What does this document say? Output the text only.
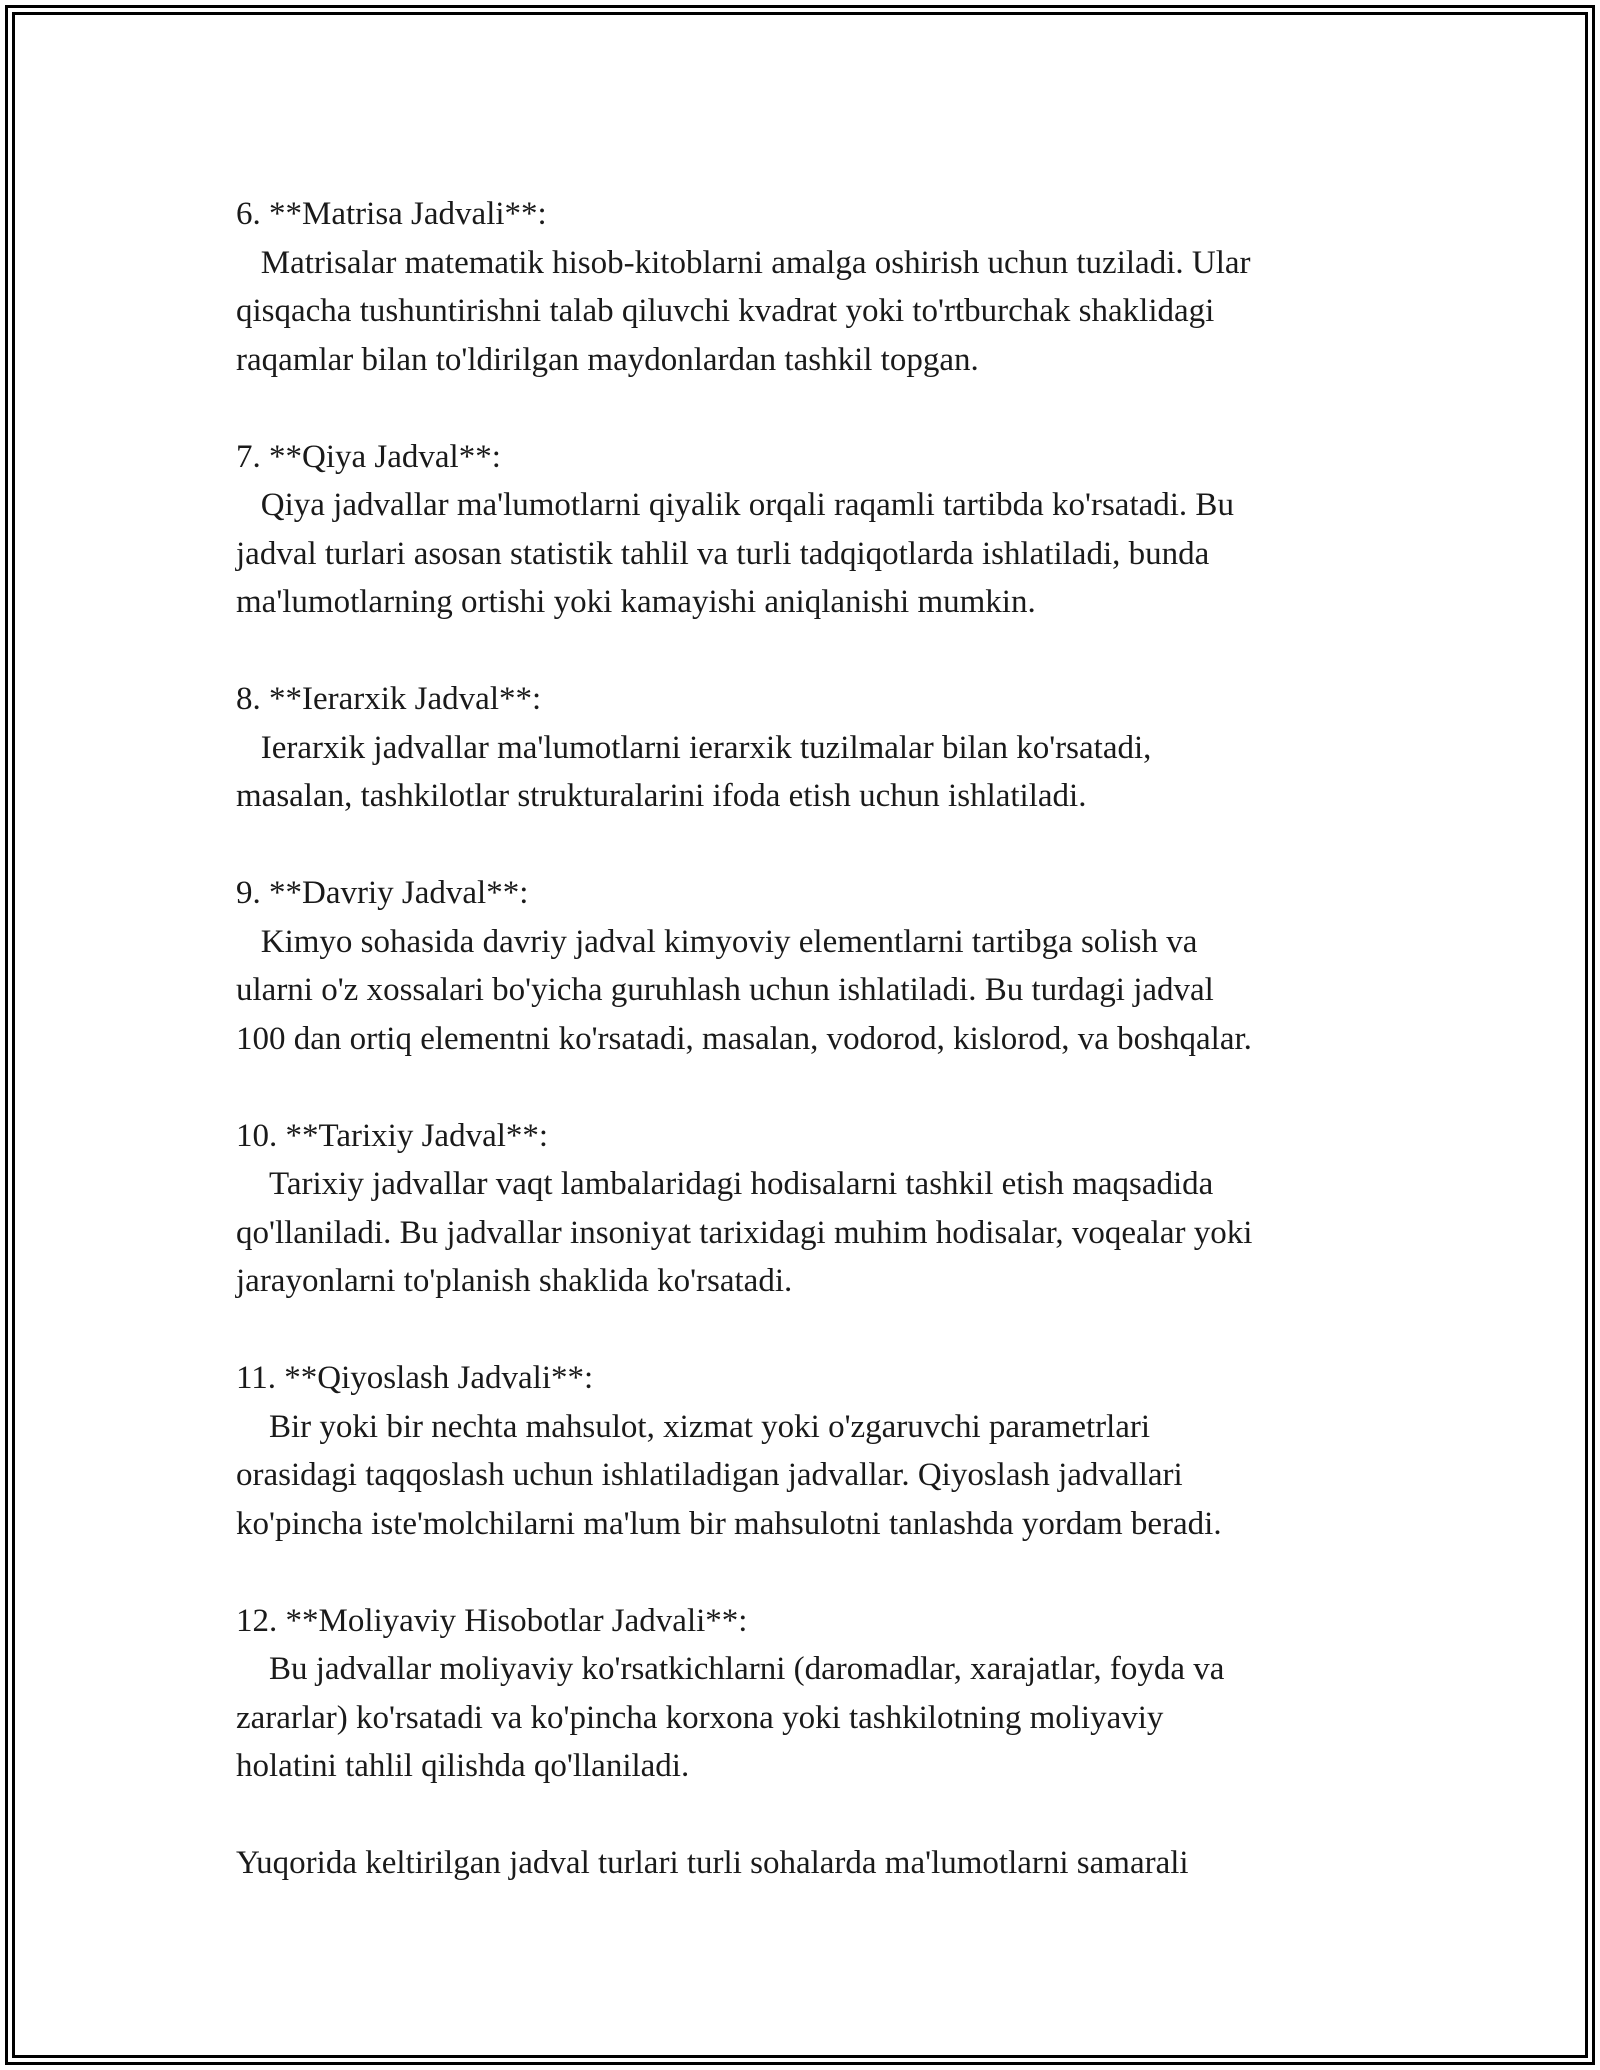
6. **Matrisa Jadvali**:

Matrisalar matematik hisob-kitoblarni amalga oshirish uchun tuziladi. Ular
qisqacha tushuntirishni talab qiluvchi kvadrat yoki to'rtburchak shaklidagi
raqamlar bilan to'ldirilgan maydonlardan tashkil topgan.

7. **Qiya Jadval**:

Qiya jadvallar ma'lumotlarni qiyalik orqali raqamli tartibda ko'rsatadi. Bu
jadval turlari asosan statistik tahlil va turli tadqiqotlarda ishlatiladi, bunda
ma'lumotlarning ortishi yoki kamayishi aniqlanishi mumkin.

8. **Ierarxik Jadval**:

Ierarxik jadvallar ma'lumotlarni ierarxik tuzilmalar bilan ko'rsatadi,
masalan, tashkilotlar strukturalarini ifoda etish uchun ishlatiladi.

9. **Davriy Jadval**:

Kimyo sohasida davriy jadval kimyoviy elementlarni tartibga solish va
ularni o'z xossalari bo'yicha guruhlash uchun ishlatiladi. Bu turdagi jadval
100 dan ortiq elementni ko'rsatadi, masalan, vodorod, kislorod, va boshqalar.

10. **Tarixiy Jadval**:

Tarixiy jadvallar vaqt lambalaridagi hodisalarni tashkil etish maqsadida
qo'llaniladi. Bu jadvallar insoniyat tarixidagi muhim hodisalar, voqealar yoki
jarayonlarni to'planish shaklida ko'rsatadi.

11. **Qiyoslash Jadvali**:

Bir yoki bir nechta mahsulot, xizmat yoki o'zgaruvchi parametrlari
orasidagi taqqoslash uchun ishlatiladigan jadvallar. Qiyoslash jadvallari
ko'pincha iste'molchilarni ma'lum bir mahsulotni tanlashda yordam beradi.

12. **Moliyaviy Hisobotlar Jadvali**:

Bu jadvallar moliyaviy ko'rsatkichlarni (daromadlar, xarajatlar, foyda va
zararlar) ko'rsatadi va ko'pincha korxona yoki tashkilotning moliyaviy
holatini tahlil qilishda qo'llaniladi.

Yuqorida keltirilgan jadval turlari turli sohalarda ma'lumotlarni samarali
